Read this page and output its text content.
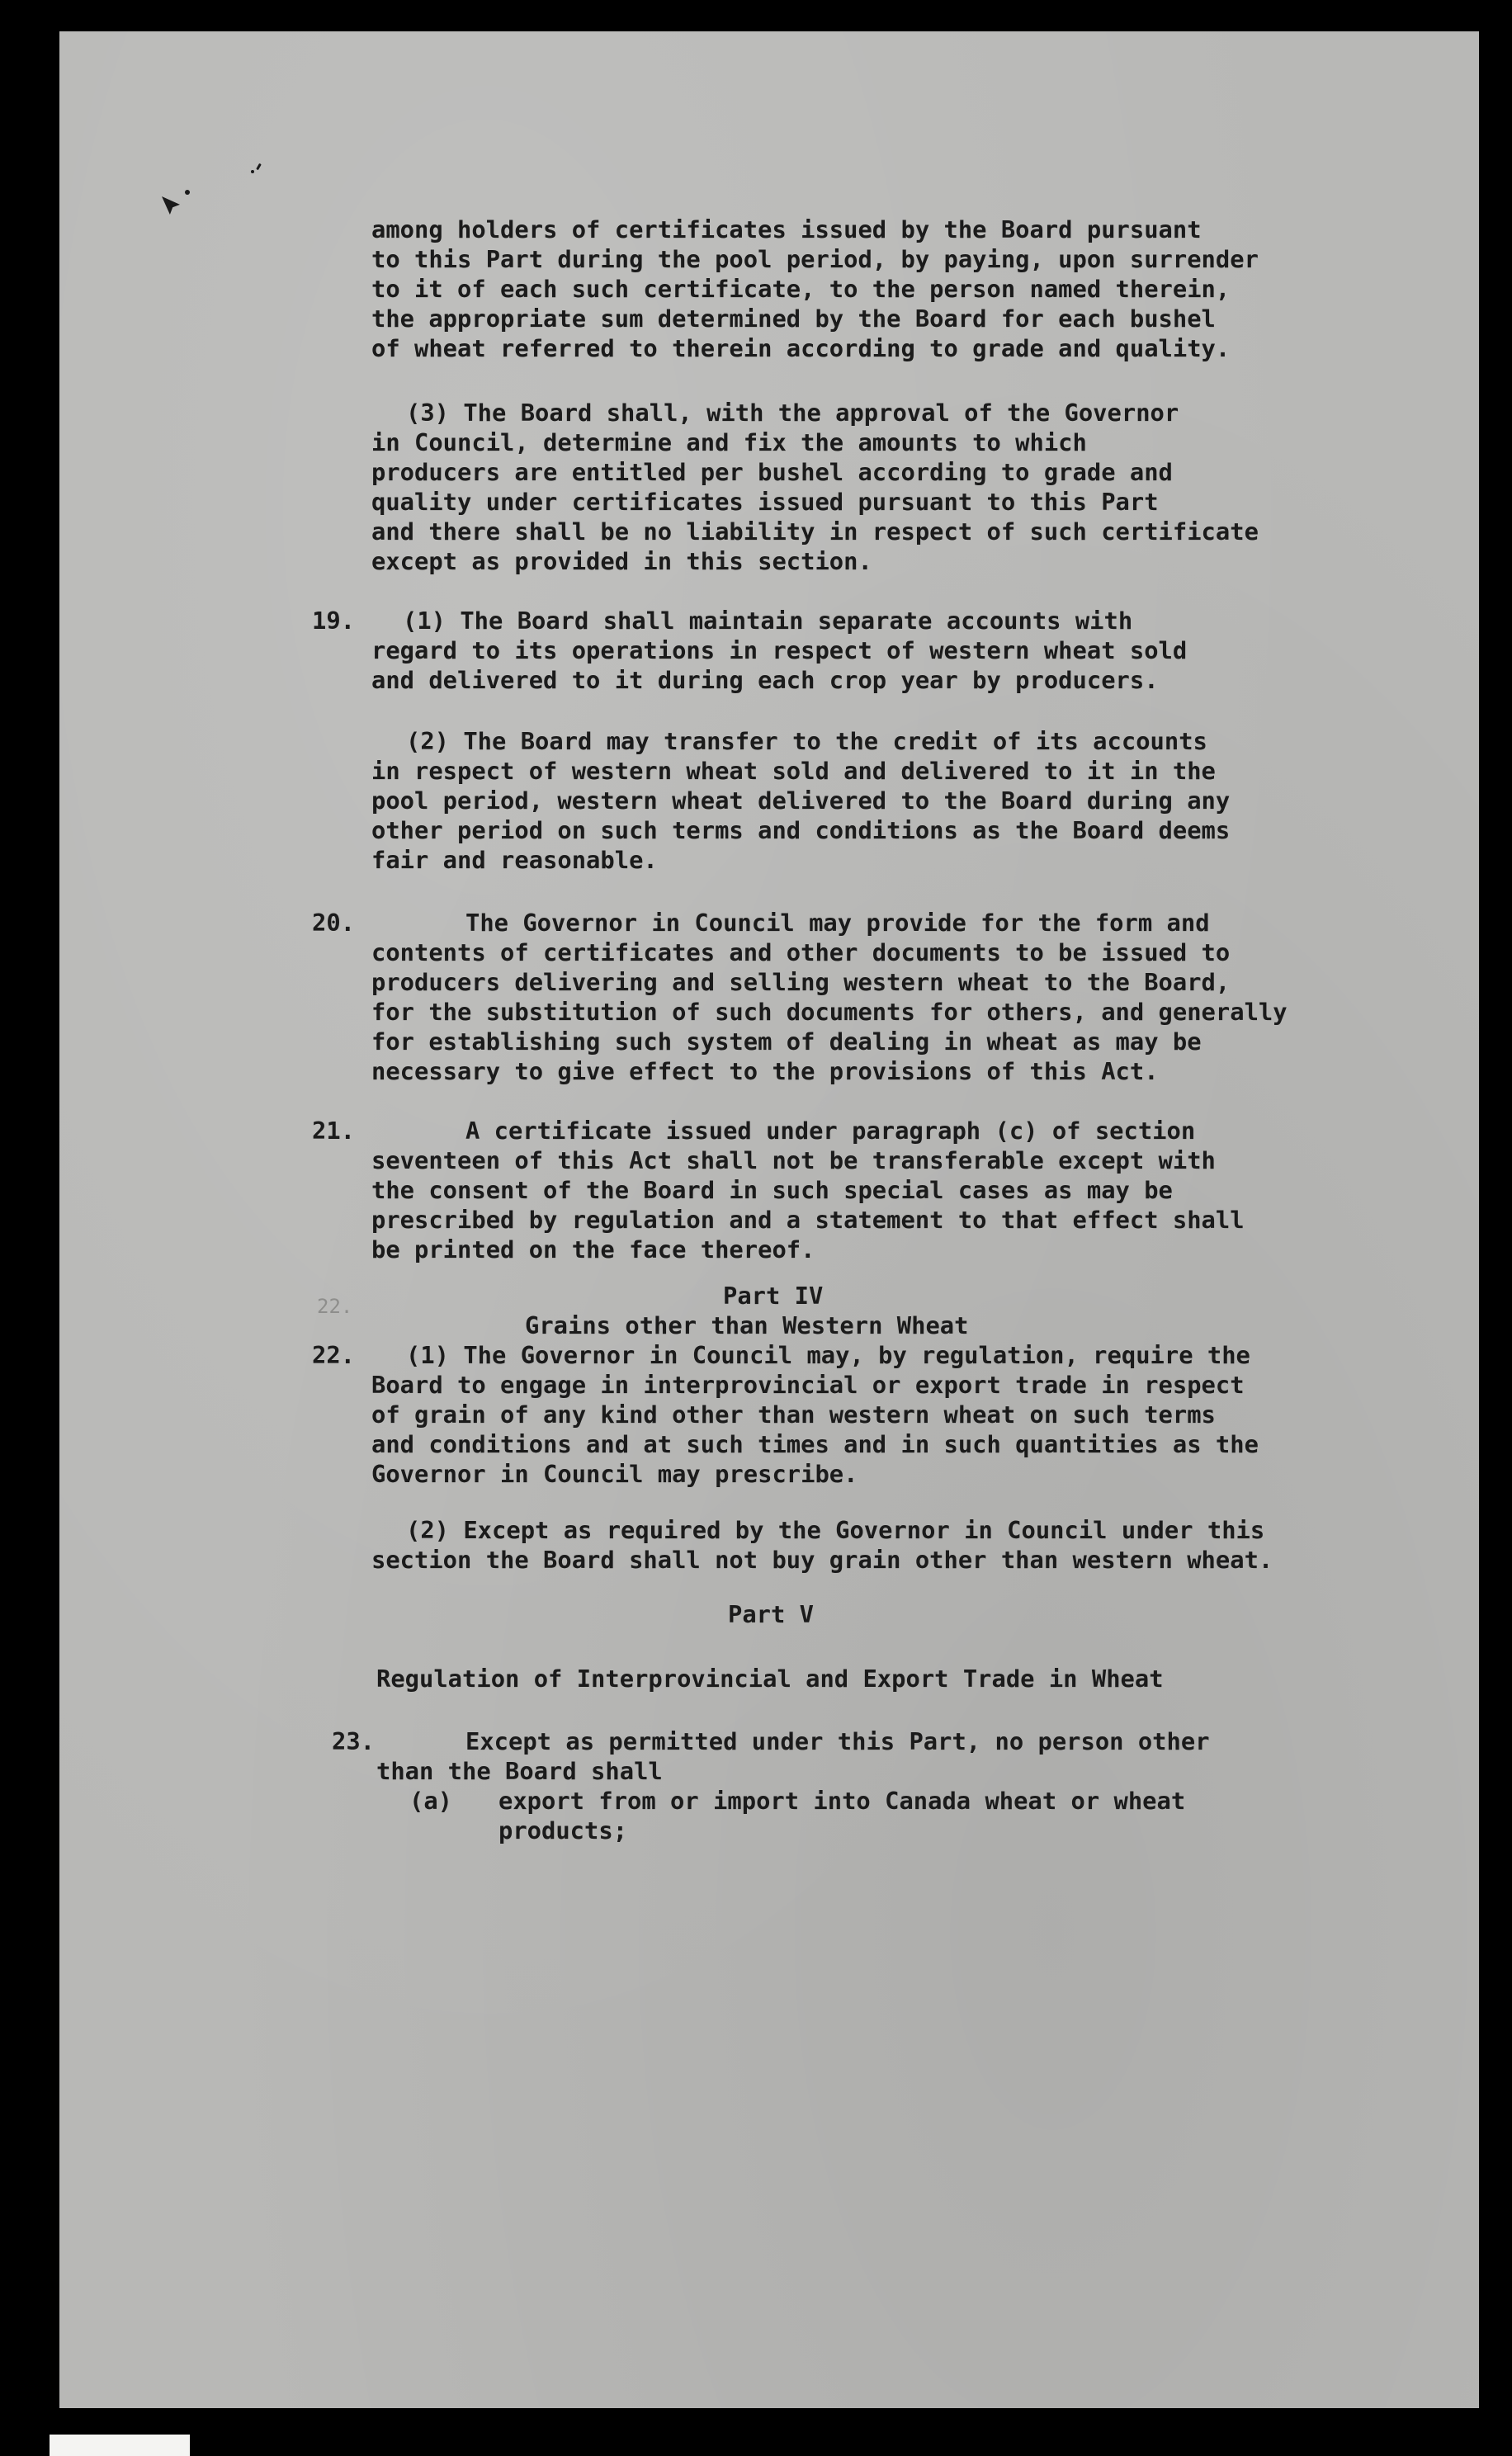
among holders of certificates issued by the Board pursuant

to this Part during the pool period, by paying, upon surrender

to it of each such certificate, to the person named therein,

the appropriate sum determined by the Board for each bushel

of wheat referred to therein according to grade and quality.

(3) The Board shall, with the approval of the Governor

in Council, determine and fix the amounts to which

producers are entitled per bushel according to grade and

quality under certificates issued pursuant to this Part

and there shall be no liability in respect of such certificate

except as provided in this section.

19. (1) The Board shall maintain separate accounts with

regard to its operations in respect of western wheat sold

and delivered to it during each crop year by producers.

(2) The Board may transfer to the credit of its accounts

in respect of western wheat sold and delivered to it in the

pool period, western wheat delivered to the Board during any

other period on such terms and conditions as the Board deems

fair and reasonable.

20.	The Governor in Council may provide for the form and

contents of certificates and other documents to be issued to

producers delivering and selling western wheat to the Board,

for the substitution of such documents for others, and generally

for establishing such system of dealing in wheat as may be

necessary to give effect to the provisions of this Act.

21.	A certificate issued under paragraph (c) of section

seventeen of this Act shall not be transferable except with

the consent of the Board in such special cases as may be

prescribed by regulation and a statement to that effect shall

be printed on the face thereof.

22.	Part IV

Grains other than Western Wheat

22. (1) The Governor in Council may, by regulation, require the

Board to engage in interprovincial or export trade in respect

of grain of any kind other than western wheat on such terms

and conditions and at such times and in such quantities as the

Governor in Council may prescribe.

(2) Except as required by the Governor in Council under this

section the Board shall not buy grain other than western wheat.

Part V

Regulation of Interprovincial and Export Trade in Wheat

23.	Except as permitted under this Part, no person other

than the Board shall

(a) export from or import into Canada wheat or wheat

products;
